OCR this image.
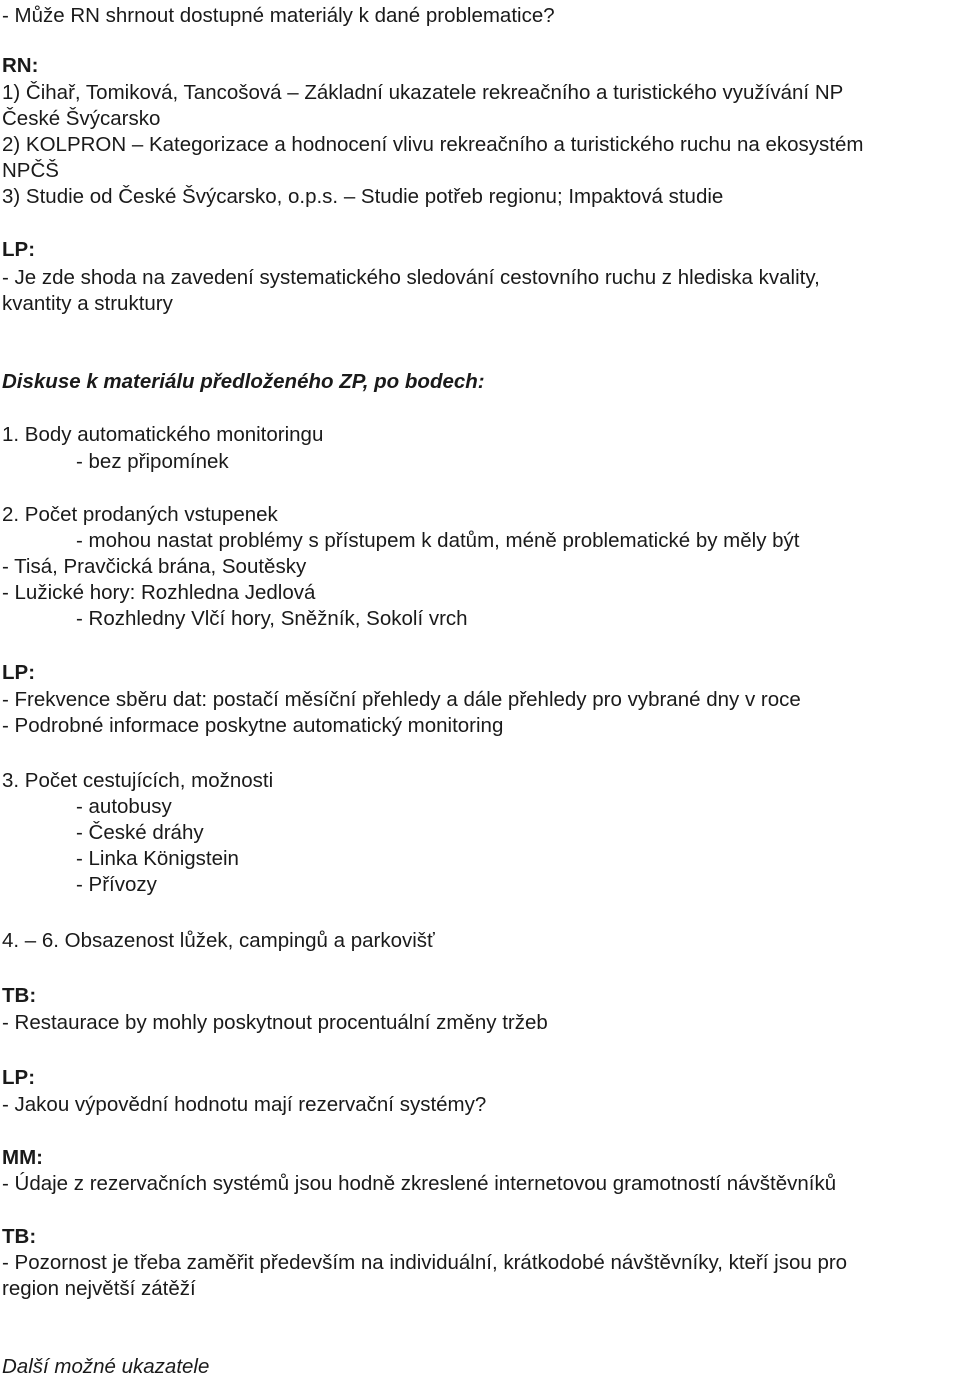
- Může RN shrnout dostupné materiály k dané problematice?
RN:
1) Čihař, Tomiková, Tancošová – Základní ukazatele rekreačního a turistického využívání NP
České Švýcarsko
2) KOLPRON – Kategorizace a hodnocení vlivu rekreačního a turistického ruchu na ekosystém
NPČŠ
3) Studie od České Švýcarsko, o.p.s. – Studie potřeb regionu; Impaktová studie
LP:
- Je zde shoda na zavedení systematického sledování cestovního ruchu z hlediska kvality,
kvantity a struktury
Diskuse k materiálu předloženého ZP, po bodech:
1. Body automatického monitoringu
- bez připomínek
2. Počet prodaných vstupenek
- mohou nastat problémy s přístupem k datům, méně problematické by měly být
- Tisá, Pravčická brána, Soutěsky
- Lužické hory: Rozhledna Jedlová
- Rozhledny Vlčí hory, Sněžník, Sokolí vrch
LP:
- Frekvence sběru dat: postačí měsíční přehledy a dále přehledy pro vybrané dny v roce
- Podrobné informace poskytne automatický monitoring
3. Počet cestujících, možnosti
- autobusy
- České dráhy
- Linka Königstein
- Přívozy
4. – 6. Obsazenost lůžek, campingů a parkovišť
TB:
- Restaurace by mohly poskytnout procentuální změny tržeb
LP:
- Jakou výpovědní hodnotu mají rezervační systémy?
MM:
- Údaje z rezervačních systémů jsou hodně zkreslené internetovou gramotností návštěvníků
TB:
- Pozornost je třeba zaměřit především na individuální, krátkodobé návštěvníky, kteří jsou pro
region největší zátěží
Další možné ukazatele
